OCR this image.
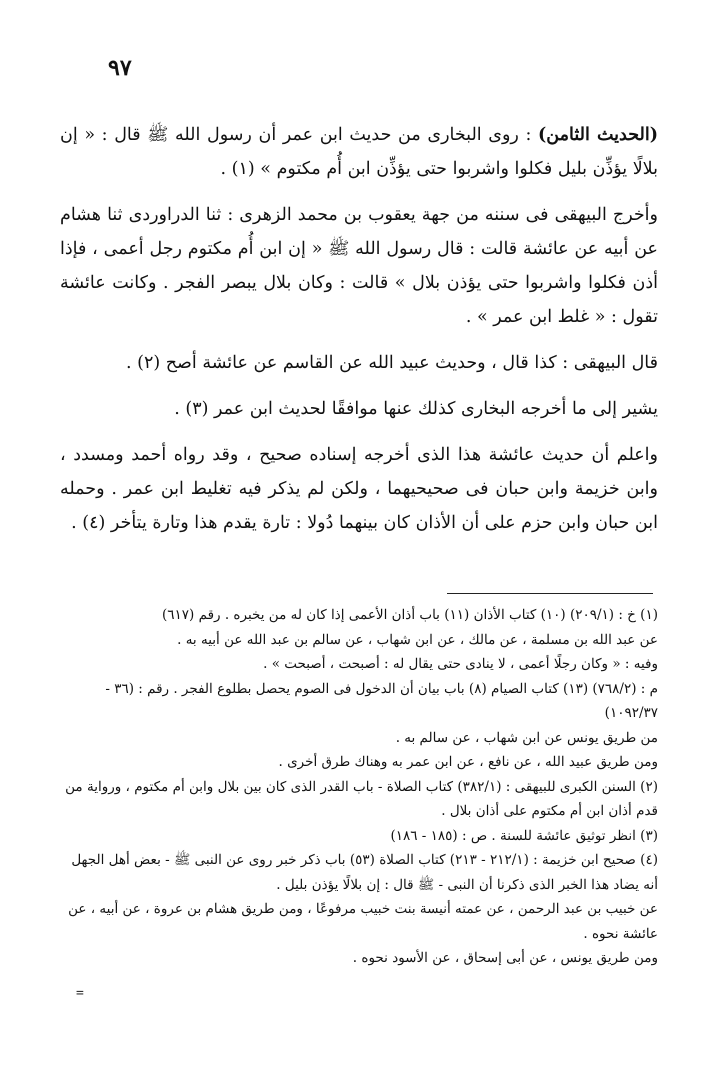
٩٧

(الحديث الثامن) : روى البخارى من حديث ابن عمر أن رسول الله ﷺ قال : « إن بلالًا يؤذِّن بليل فكلوا واشربوا حتى يؤذِّن ابن أُم مكتوم » (١) .

وأخرج البيهقى فى سننه من جهة يعقوب بن محمد الزهرى : ثنا الدراوردى ثنا هشام عن أبيه عن عائشة قالت : قال رسول الله ﷺ « إن ابن أُم مكتوم رجل أعمى ، فإذا أذن فكلوا واشربوا حتى يؤذن بلال » قالت : وكان بلال يبصر الفجر . وكانت عائشة تقول : « غلط ابن عمر » .

قال البيهقى : كذا قال ، وحديث عبيد الله عن القاسم عن عائشة أصح (٢) .

يشير إلى ما أخرجه البخارى كذلك عنها موافقًا لحديث ابن عمر (٣) .

واعلم أن حديث عائشة هذا الذى أخرجه إسناده صحيح ، وقد رواه أحمد ومسدد ، وابن خزيمة وابن حبان فى صحيحيهما ، ولكن لم يذكر فيه تغليط ابن عمر . وحمله ابن حبان وابن حزم على أن الأذان كان بينهما دُولا : تارة يقدم هذا وتارة يتأخر (٤) .

(١) خ : (٢٠٩/١) (١٠) كتاب الأذان (١١) باب أذان الأعمى إذا كان له من يخبره . رقم (٦١٧)

عن عبد الله بن مسلمة ، عن مالك ، عن ابن شهاب ، عن سالم بن عبد الله عن أبيه به .

وفيه : « وكان رجلًا أعمى ، لا ينادى حتى يقال له : أصبحت ، أصبحت » .

م : (٧٦٨/٢) (١٣) كتاب الصيام (٨) باب بيان أن الدخول فى الصوم يحصل بطلوع الفجر . رقم : (٣٦ - ١٠٩٢/٣٧)

من طريق يونس عن ابن شهاب ، عن سالم به .

ومن طريق عبيد الله ، عن نافع ، عن ابن عمر به وهناك طرق أخرى .

(٢) السنن الكبرى للبيهقى : (٣٨٢/١) كتاب الصلاة - باب القدر الذى كان بين بلال وابن أم مكتوم ، ورواية من قدم أذان ابن أم مكتوم على أذان بلال .

(٣) انظر توثيق عائشة للسنة . ص : (١٨٥ - ١٨٦)

(٤) صحيح ابن خزيمة : (٢١٢/١ - ٢١٣) كتاب الصلاة (٥٣) باب ذكر خبر روى عن النبى ﷺ - بعض أهل الجهل أنه يضاد هذا الخبر الذى ذكرنا أن النبى - ﷺ قال : إن بلالًا يؤذن بليل .

عن خبيب بن عبد الرحمن ، عن عمته أنيسة بنت خبيب مرفوعًا ، ومن طريق هشام بن عروة ، عن أبيه ، عن عائشة نحوه .

ومن طريق يونس ، عن أبى إسحاق ، عن الأسود نحوه .

=
